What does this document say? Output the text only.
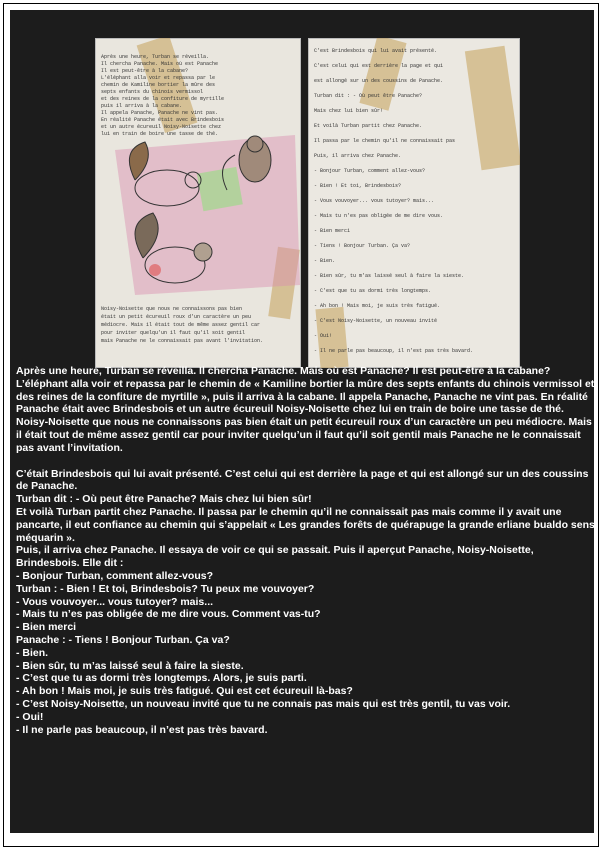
Après une heure, Turban se réveilla.
Il chercha Panache. Mais où est Panache
Il est peut-être à la cabane?
L'éléphant alla voir et repassa par le
chemin de Kamiline bortier la mûre des
septs enfants du chinois vermissol
et des reines de la confiture de myrtille
puis il arriva à la cabane.
Il appela Panache, Panache ne vint pas.
En réalité Panache était avec Brindesbois
et un autre écureuil Noisy-Noisette chez
lui en train de boire une tasse de thé.
Noisy-Noisette que nous ne connaissons pas bien
était un petit écureuil roux d'un caractère un peu
médiocre. Mais il était tout de même assez gentil car
pour inviter quelqu'un il faut qu'il soit gentil
mais Panache ne le connaissait pas avant l'invitation.
C'est Brindesbois qui lui avait présenté.
C'est celui qui est derrière la page et qui
est allongé sur un des coussins de Panache.
Turban dit : - Où peut être Panache?
Mais chez lui bien sûr!
Et voilà Turban partit chez Panache.
Il passa par le chemin qu'il ne connaissait pas
Puis, il arriva chez Panache.
- Bonjour Turban, comment allez-vous?
- Bien ! Et toi, Brindesbois?
- Vous vouvoyer... vous tutoyer? mais...
- Mais tu n'es pas obligée de me dire vous.
- Bien merci
- Tiens ! Bonjour Turban. Ça va?
- Bien.
- Bien sûr, tu m'as laissé seul à faire la sieste.
- C'est que tu as dormi très longtemps.
- Ah bon ! Mais moi, je suis très fatigué.
- C'est Noisy-Noisette, un nouveau invité
- Oui!
- Il ne parle pas beaucoup, il n'est pas très bavard.

Après une heure, Turban se réveilla. Il chercha Panache. Mais où est Panache? Il est peut-être à la cabane? L’éléphant alla voir et repassa par le chemin de « Kamiline bortier la mûre des septs enfants du chinois vermissol et des reines de la confiture de myrtille », puis il arriva à la cabane. Il appela Panache, Panache ne vint pas. En réalité Panache était avec Brindesbois et un autre écureuil Noisy-Noisette chez lui en train de boire une tasse de thé.

Noisy-Noisette que nous ne connaissons pas bien était un petit écureuil roux d’un caractère un peu médiocre. Mais il était tout de même assez gentil car pour inviter quelqu’un il faut qu’il soit gentil mais Panache ne le connaissait pas avant l’invitation.

C’était Brindesbois qui lui avait présenté. C’est celui qui est derrière la page et qui est allongé sur un des coussins de Panache.

Turban dit : - Où peut être Panache? Mais chez lui bien sûr!

Et voilà Turban partit chez Panache. Il passa par le chemin qu’il ne connaissait pas mais comme il y avait une pancarte, il eut confiance au chemin qui s’appelait « Les grandes forêts de quérapuge la grande erliane bualdo sens méquarin ».

Puis, il arriva chez Panache. Il essaya de voir ce qui se passait. Puis il aperçut Panache, Noisy-Noisette, Brindesbois. Elle dit :

- Bonjour Turban, comment allez-vous?

Turban : - Bien ! Et toi, Brindesbois? Tu peux me vouvoyer?

- Vous vouvoyer... vous tutoyer? mais...

- Mais tu n’es pas obligée de me dire vous. Comment vas-tu?

- Bien merci

Panache : - Tiens ! Bonjour Turban. Ça va?

- Bien.

- Bien sûr, tu m’as laissé seul à faire la sieste.

- C’est que tu as dormi très longtemps. Alors, je suis parti.

- Ah bon ! Mais moi, je suis très fatigué. Qui est cet écureuil là-bas?

- C’est Noisy-Noisette, un nouveau invité que tu ne connais pas mais qui est très gentil, tu vas voir.

- Oui!

- Il ne parle pas beaucoup, il n’est pas très bavard.
